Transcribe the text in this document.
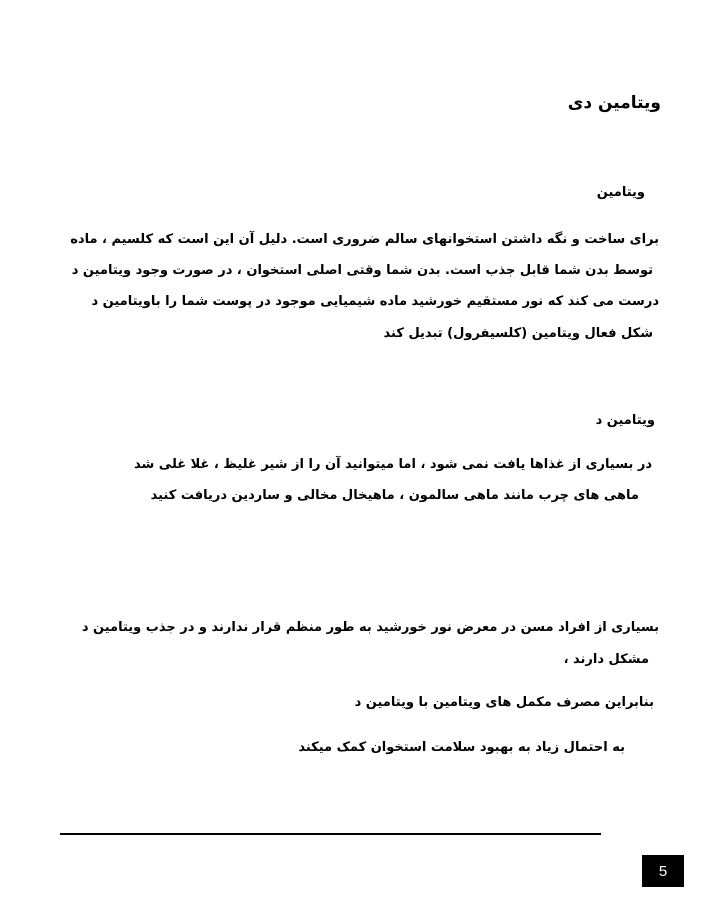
ویتامین دی
ویتامین
برای ساخت و نگه داشتن استخوانهای سالم ضروری است. دلیل آن این است که کلسیم ، ماده
توسط بدن شما قابل جذب است. بدن شما وقتی اصلی استخوان ، در صورت وجود ویتامین د
درست می کند که نور مستقیم خورشید ماده شیمیایی موجود در پوست شما را باویتامین د
شکل فعال ویتامین (کلسیفرول) تبدیل کند
ویتامین د
در بسیاری از غذاها یافت نمی شود ، اما میتوانید آن را از شیر غلیظ ، غلا غلی شد
ماهی های چرب مانند ماهی سالمون ، ماهیخال مخالی و ساردین دریافت کنید
بسیاری از افراد مسن در معرض نور خورشید به طور منظم قرار ندارند و در جذب ویتامین د
مشکل دارند ،
بنابراین مصرف مکمل های ویتامین با ویتامین د
به احتمال زیاد به بهبود سلامت استخوان کمک میکند
5
